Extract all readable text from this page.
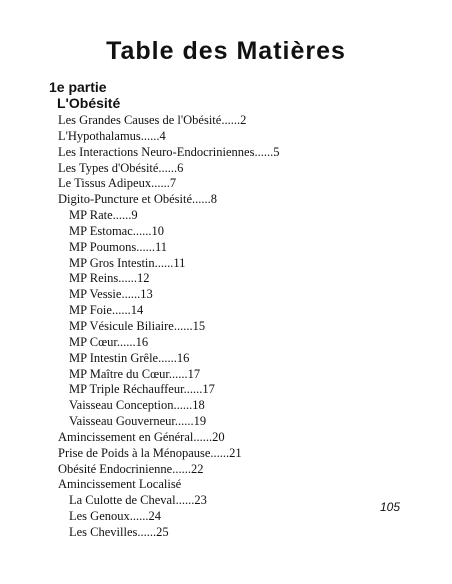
Table des Matières
1e partie
L'Obésité
Les Grandes Causes de l'Obésité......2
L'Hypothalamus......4
Les Interactions Neuro-Endocriniennes......5
Les Types d'Obésité......6
Le Tissus Adipeux......7
Digito-Puncture et Obésité......8
MP Rate......9
MP Estomac......10
MP Poumons......11
MP Gros Intestin......11
MP Reins......12
MP Vessie......13
MP Foie......14
MP Vésicule Biliaire......15
MP Cœur......16
MP Intestin Grêle......16
MP Maître du Cœur......17
MP Triple Réchauffeur......17
Vaisseau Conception......18
Vaisseau Gouverneur......19
Amincissement en Général......20
Prise de Poids à la Ménopause......21
Obésité Endocrinienne......22
Amincissement Localisé
La Culotte de Cheval......23
Les Genoux......24
Les Chevilles......25
105
